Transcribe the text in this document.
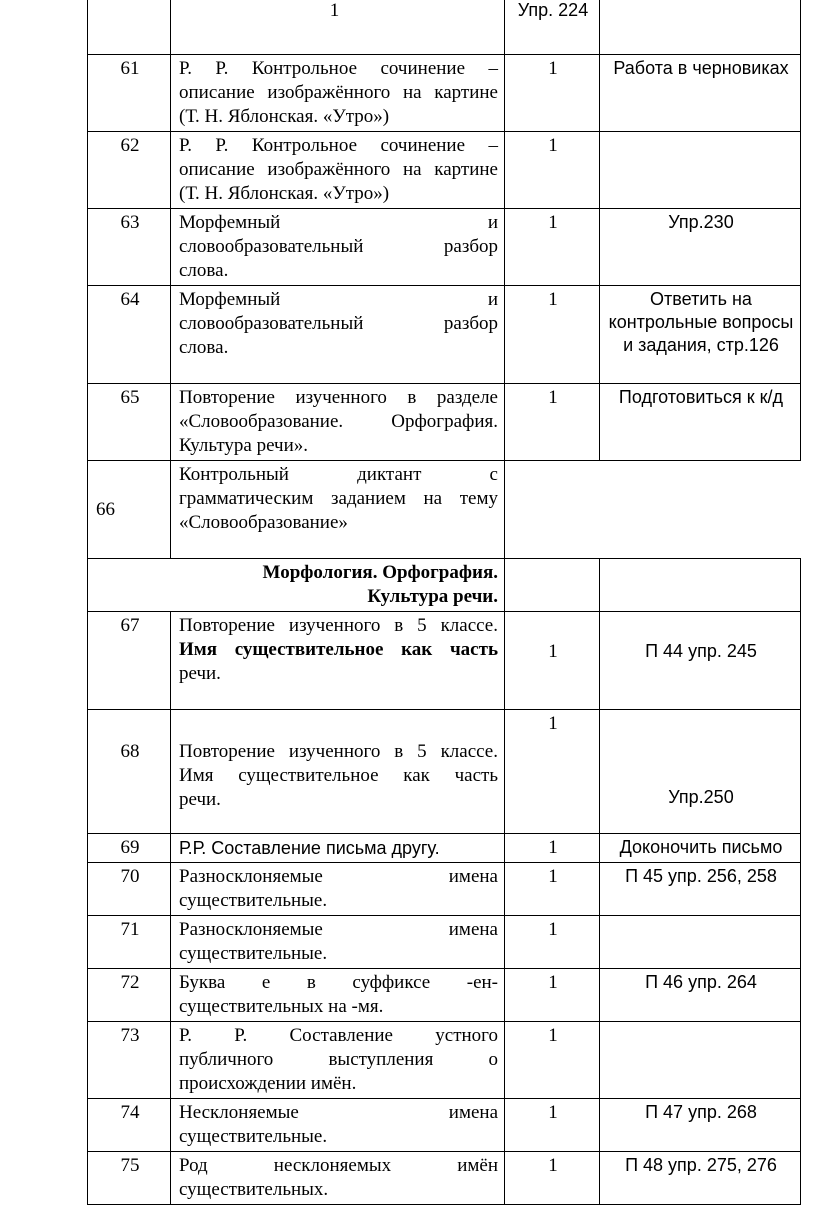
	1	Упр. 224	
61	Р. Р. Контрольное сочинение –
описание изображённого на картине
(Т. Н. Яблонская. «Утро»)	1	Работа в черновиках
62	Р. Р. Контрольное сочинение –
описание изображённого на картине
(Т. Н. Яблонская. «Утро»)	1	
63	Морфемный и
словообразовательный разбор
слова.	1	Упр.230
64	Морфемный и
словообразовательный разбор
слова.	1	Ответить на контрольные вопросы и задания, стр.126
65	Повторение изученного в разделе
«Словообразование. Орфография.
Культура речи».	1	Подготовиться к к/д
66	Контрольный диктант с
грамматическим заданием на тему
«Словообразование»		

	Морфология. Орфография. Культура речи.		
67	Повторение изученного в 5 классе.
Имя существительное как часть
речи.	1	П 44 упр. 245
68	Повторение изученного в 5 классе.
Имя существительное как часть
речи.	1	Упр.250
69	Р.Р. Составление письма другу.	1	Доконочить письмо
70	Разносклоняемые имена
существительные.	1	П 45 упр. 256, 258
71	Разносклоняемые имена
существительные.	1	
72	Буква е в суффиксе -ен-
существительных на -мя.	1	П 46 упр. 264
73	Р. Р. Составление устного
публичного выступления о
происхождении имён.	1	
74	Несклоняемые имена
существительные.	1	П 47 упр. 268
75	Род несклоняемых имён
существительных.	1	П 48 упр. 275, 276
